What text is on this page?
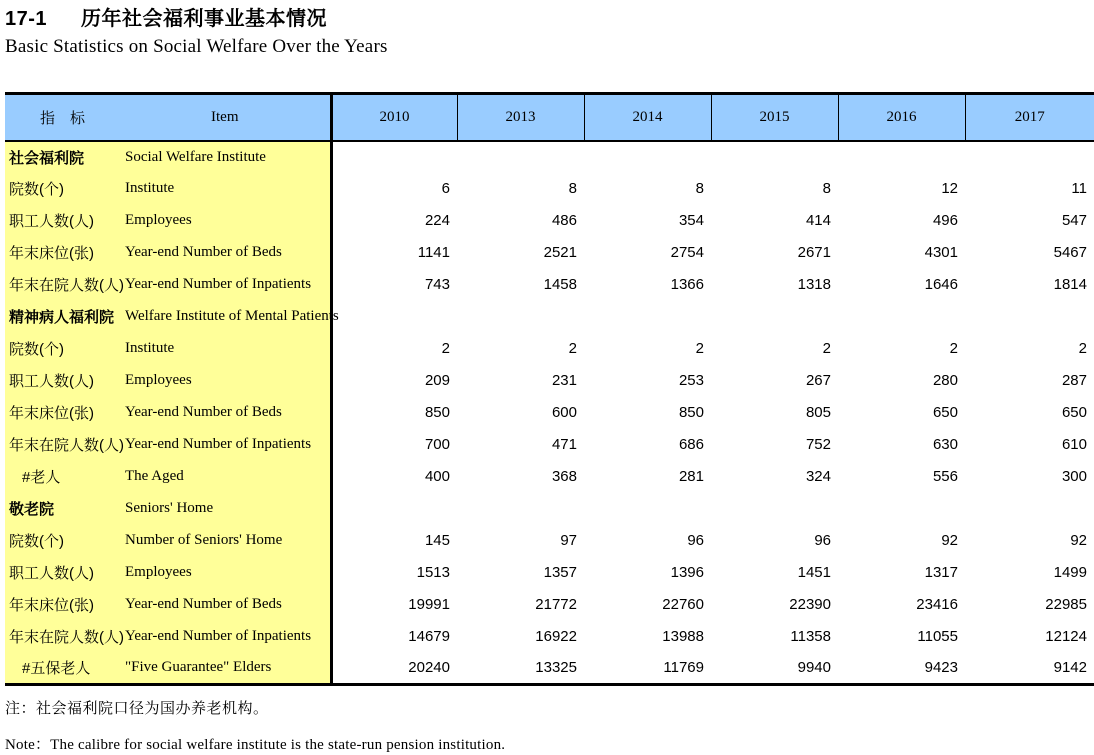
17-1 历年社会福利事业基本情况
Basic Statistics on Social Welfare Over the Years
指　标	Item	2010	2013	2014	2015	2016	2017
社会福利院	Social Welfare Institute						
院数(个)	Institute	6	8	8	8	12	11
职工人数(人)	Employees	224	486	354	414	496	547
年末床位(张)	Year-end Number of Beds	1141	2521	2754	2671	4301	5467
年末在院人数(人)	Year-end Number of Inpatients	743	1458	1366	1318	1646	1814
精神病人福利院	Welfare Institute of Mental Patients						
院数(个)	Institute	2	2	2	2	2	2
职工人数(人)	Employees	209	231	253	267	280	287
年末床位(张)	Year-end Number of Beds	850	600	850	805	650	650
年末在院人数(人)	Year-end Number of Inpatients	700	471	686	752	630	610
#老人	The Aged	400	368	281	324	556	300
敬老院	Seniors' Home						
院数(个)	Number of Seniors' Home	145	97	96	96	92	92
职工人数(人)	Employees	1513	1357	1396	1451	1317	1499
年末床位(张)	Year-end Number of Beds	19991	21772	22760	22390	23416	22985
年末在院人数(人)	Year-end Number of Inpatients	14679	16922	13988	11358	11055	12124
#五保老人	"Five Guarantee" Elders	20240	13325	11769	9940	9423	9142
注：社会福利院口径为国办养老机构。
Note：The calibre for social welfare institute is the state-run pension institution.
